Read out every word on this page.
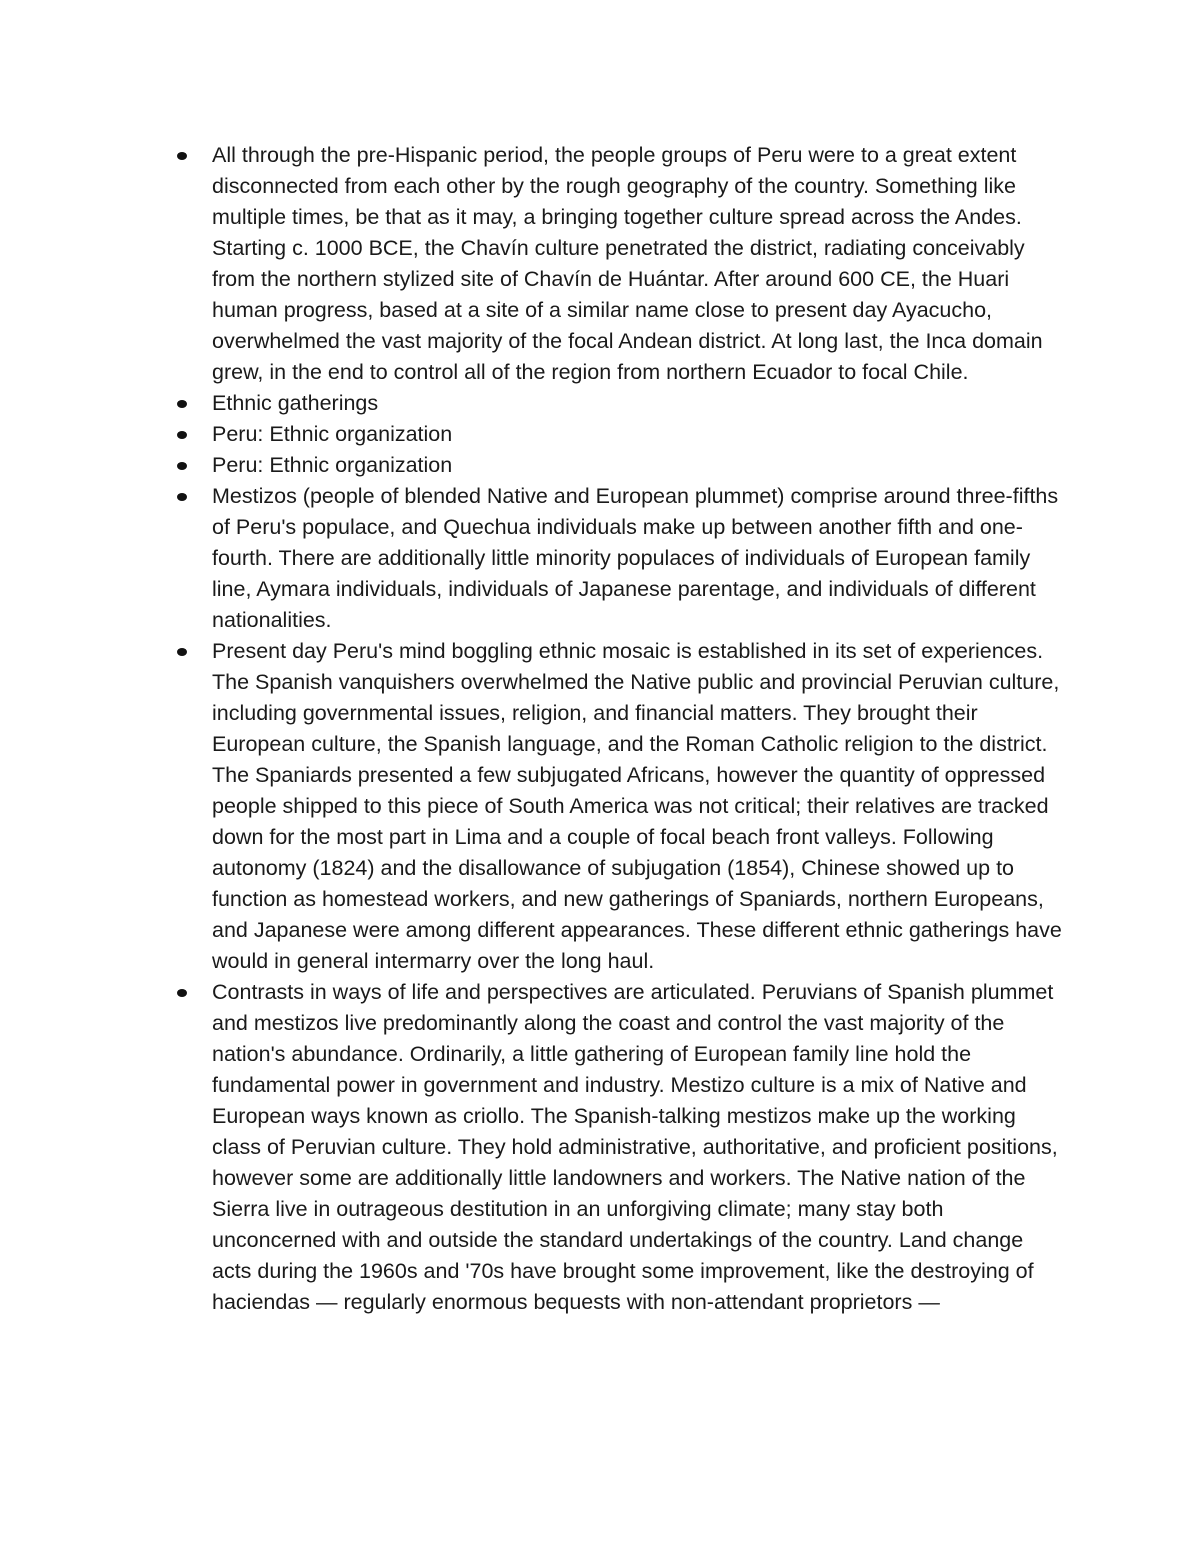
All through the pre-Hispanic period, the people groups of Peru were to a great extent disconnected from each other by the rough geography of the country. Something like multiple times, be that as it may, a bringing together culture spread across the Andes. Starting c. 1000 BCE, the Chavín culture penetrated the district, radiating conceivably from the northern stylized site of Chavín de Huántar. After around 600 CE, the Huari human progress, based at a site of a similar name close to present day Ayacucho, overwhelmed the vast majority of the focal Andean district. At long last, the Inca domain grew, in the end to control all of the region from northern Ecuador to focal Chile.
Ethnic gatherings
Peru: Ethnic organization
Peru: Ethnic organization
Mestizos (people of blended Native and European plummet) comprise around three-fifths of Peru's populace, and Quechua individuals make up between another fifth and one-fourth. There are additionally little minority populaces of individuals of European family line, Aymara individuals, individuals of Japanese parentage, and individuals of different nationalities.
Present day Peru's mind boggling ethnic mosaic is established in its set of experiences. The Spanish vanquishers overwhelmed the Native public and provincial Peruvian culture, including governmental issues, religion, and financial matters. They brought their European culture, the Spanish language, and the Roman Catholic religion to the district. The Spaniards presented a few subjugated Africans, however the quantity of oppressed people shipped to this piece of South America was not critical; their relatives are tracked down for the most part in Lima and a couple of focal beach front valleys. Following autonomy (1824) and the disallowance of subjugation (1854), Chinese showed up to function as homestead workers, and new gatherings of Spaniards, northern Europeans, and Japanese were among different appearances. These different ethnic gatherings have would in general intermarry over the long haul.
Contrasts in ways of life and perspectives are articulated. Peruvians of Spanish plummet and mestizos live predominantly along the coast and control the vast majority of the nation's abundance. Ordinarily, a little gathering of European family line hold the fundamental power in government and industry. Mestizo culture is a mix of Native and European ways known as criollo. The Spanish-talking mestizos make up the working class of Peruvian culture. They hold administrative, authoritative, and proficient positions, however some are additionally little landowners and workers. The Native nation of the Sierra live in outrageous destitution in an unforgiving climate; many stay both unconcerned with and outside the standard undertakings of the country. Land change acts during the 1960s and '70s have brought some improvement, like the destroying of haciendas — regularly enormous bequests with non-attendant proprietors —
